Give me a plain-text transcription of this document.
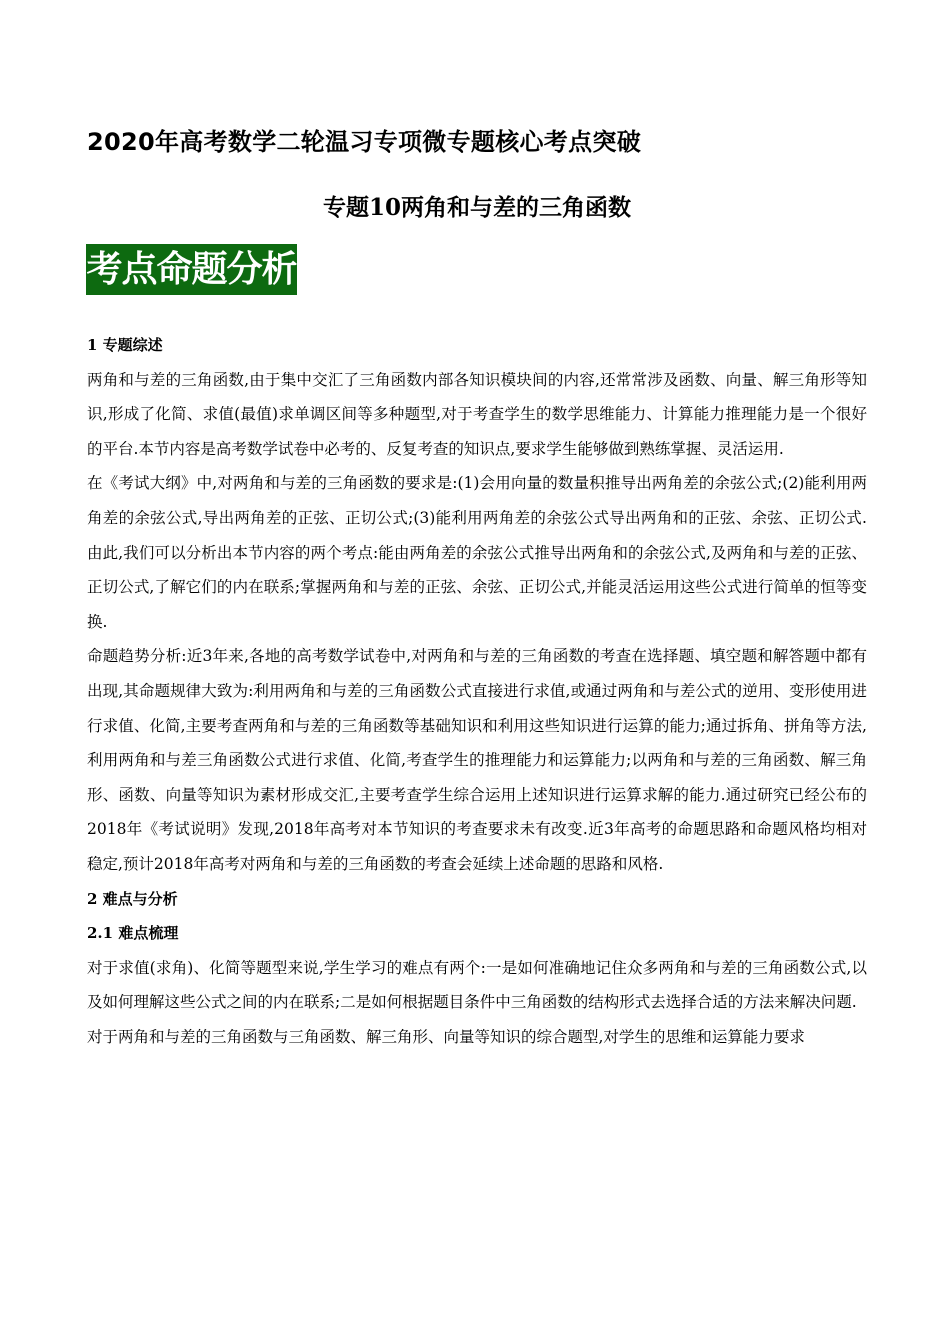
2020年高考数学二轮温习专项微专题核心考点突破
专题10两角和与差的三角函数
考点命题分析

1 专题综述

两角和与差的三角函数,由于集中交汇了三角函数内部各知识模块间的内容,还常常涉及函数、向量、解三角形等知识,形成了化简、求值(最值)求单调区间等多种题型,对于考查学生的数学思维能力、计算能力推理能力是一个很好的平台.本节内容是高考数学试卷中必考的、反复考查的知识点,要求学生能够做到熟练掌握、灵活运用.

在《考试大纲》中,对两角和与差的三角函数的要求是:(1)会用向量的数量积推导出两角差的余弦公式;(2)能利用两角差的余弦公式,导出两角差的正弦、正切公式;(3)能利用两角差的余弦公式导出两角和的正弦、余弦、正切公式.由此,我们可以分析出本节内容的两个考点:能由两角差的余弦公式推导出两角和的余弦公式,及两角和与差的正弦、正切公式,了解它们的内在联系;掌握两角和与差的正弦、余弦、正切公式,并能灵活运用这些公式进行简单的恒等变换.

命题趋势分析:近3年来,各地的高考数学试卷中,对两角和与差的三角函数的考查在选择题、填空题和解答题中都有出现,其命题规律大致为:利用两角和与差的三角函数公式直接进行求值,或通过两角和与差公式的逆用、变形使用进行求值、化简,主要考查两角和与差的三角函数等基础知识和利用这些知识进行运算的能力;通过拆角、拼角等方法,利用两角和与差三角函数公式进行求值、化简,考查学生的推理能力和运算能力;以两角和与差的三角函数、解三角形、函数、向量等知识为素材形成交汇,主要考查学生综合运用上述知识进行运算求解的能力.通过研究已经公布的2018年《考试说明》发现,2018年高考对本节知识的考查要求未有改变.近3年高考的命题思路和命题风格均相对稳定,预计2018年高考对两角和与差的三角函数的考查会延续上述命题的思路和风格.

2 难点与分析

2.1 难点梳理

对于求值(求角)、化简等题型来说,学生学习的难点有两个:一是如何准确地记住众多两角和与差的三角函数公式,以及如何理解这些公式之间的内在联系;二是如何根据题目条件中三角函数的结构形式去选择合适的方法来解决问题.

对于两角和与差的三角函数与三角函数、解三角形、向量等知识的综合题型,对学生的思维和运算能力要求
